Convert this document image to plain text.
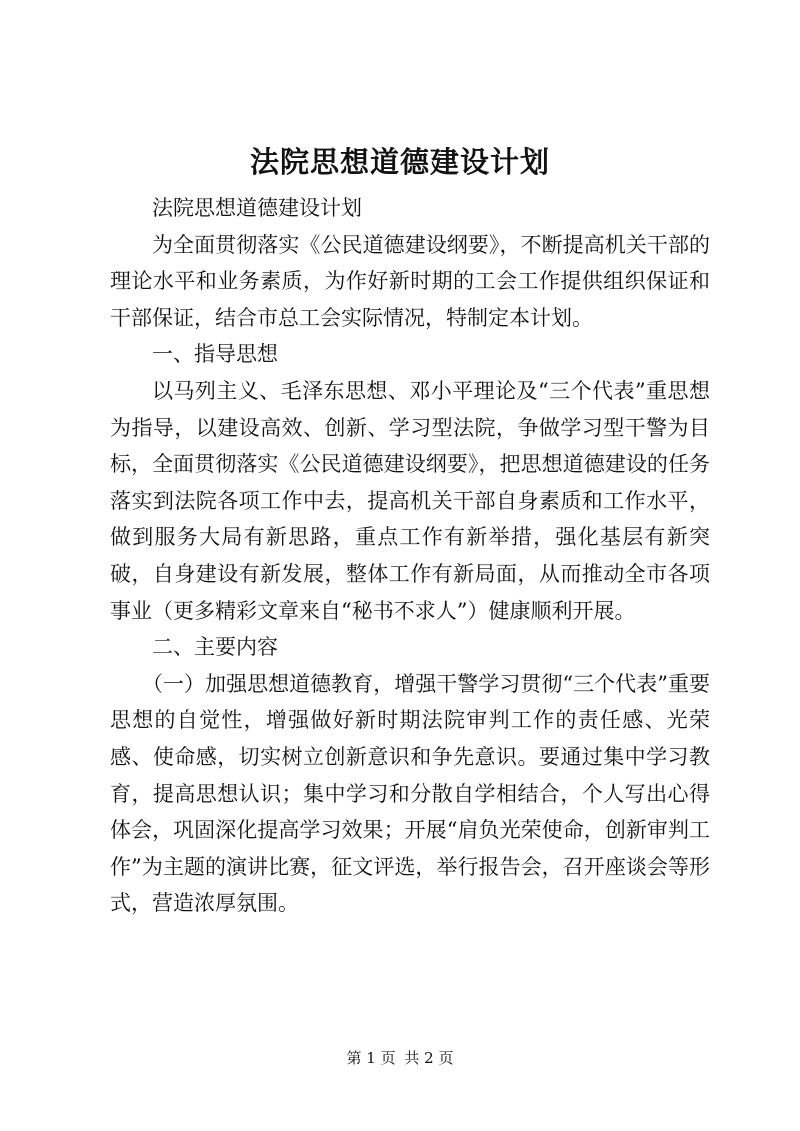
法院思想道德建设计划

法院思想道德建设计划

为全面贯彻落实《公民道德建设纲要》，不断提高机关干部的理论水平和业务素质，为作好新时期的工会工作提供组织保证和干部保证，结合市总工会实际情况，特制定本计划。

一、指导思想

以马列主义、毛泽东思想、邓小平理论及“三个代表”重思想为指导，以建设高效、创新、学习型法院，争做学习型干警为目标，全面贯彻落实《公民道德建设纲要》，把思想道德建设的任务落实到法院各项工作中去，提高机关干部自身素质和工作水平，做到服务大局有新思路，重点工作有新举措，强化基层有新突破，自身建设有新发展，整体工作有新局面，从而推动全市各项事业（更多精彩文章来自“秘书不求人”）健康顺利开展。

二、主要内容

（一）加强思想道德教育，增强干警学习贯彻“三个代表”重要思想的自觉性，增强做好新时期法院审判工作的责任感、光荣感、使命感，切实树立创新意识和争先意识。要通过集中学习教育，提高思想认识；集中学习和分散自学相结合，个人写出心得体会，巩固深化提高学习效果；开展“肩负光荣使命，创新审判工作”为主题的演讲比赛，征文评选，举行报告会，召开座谈会等形式，营造浓厚氛围。

第 1 页 共 2 页
